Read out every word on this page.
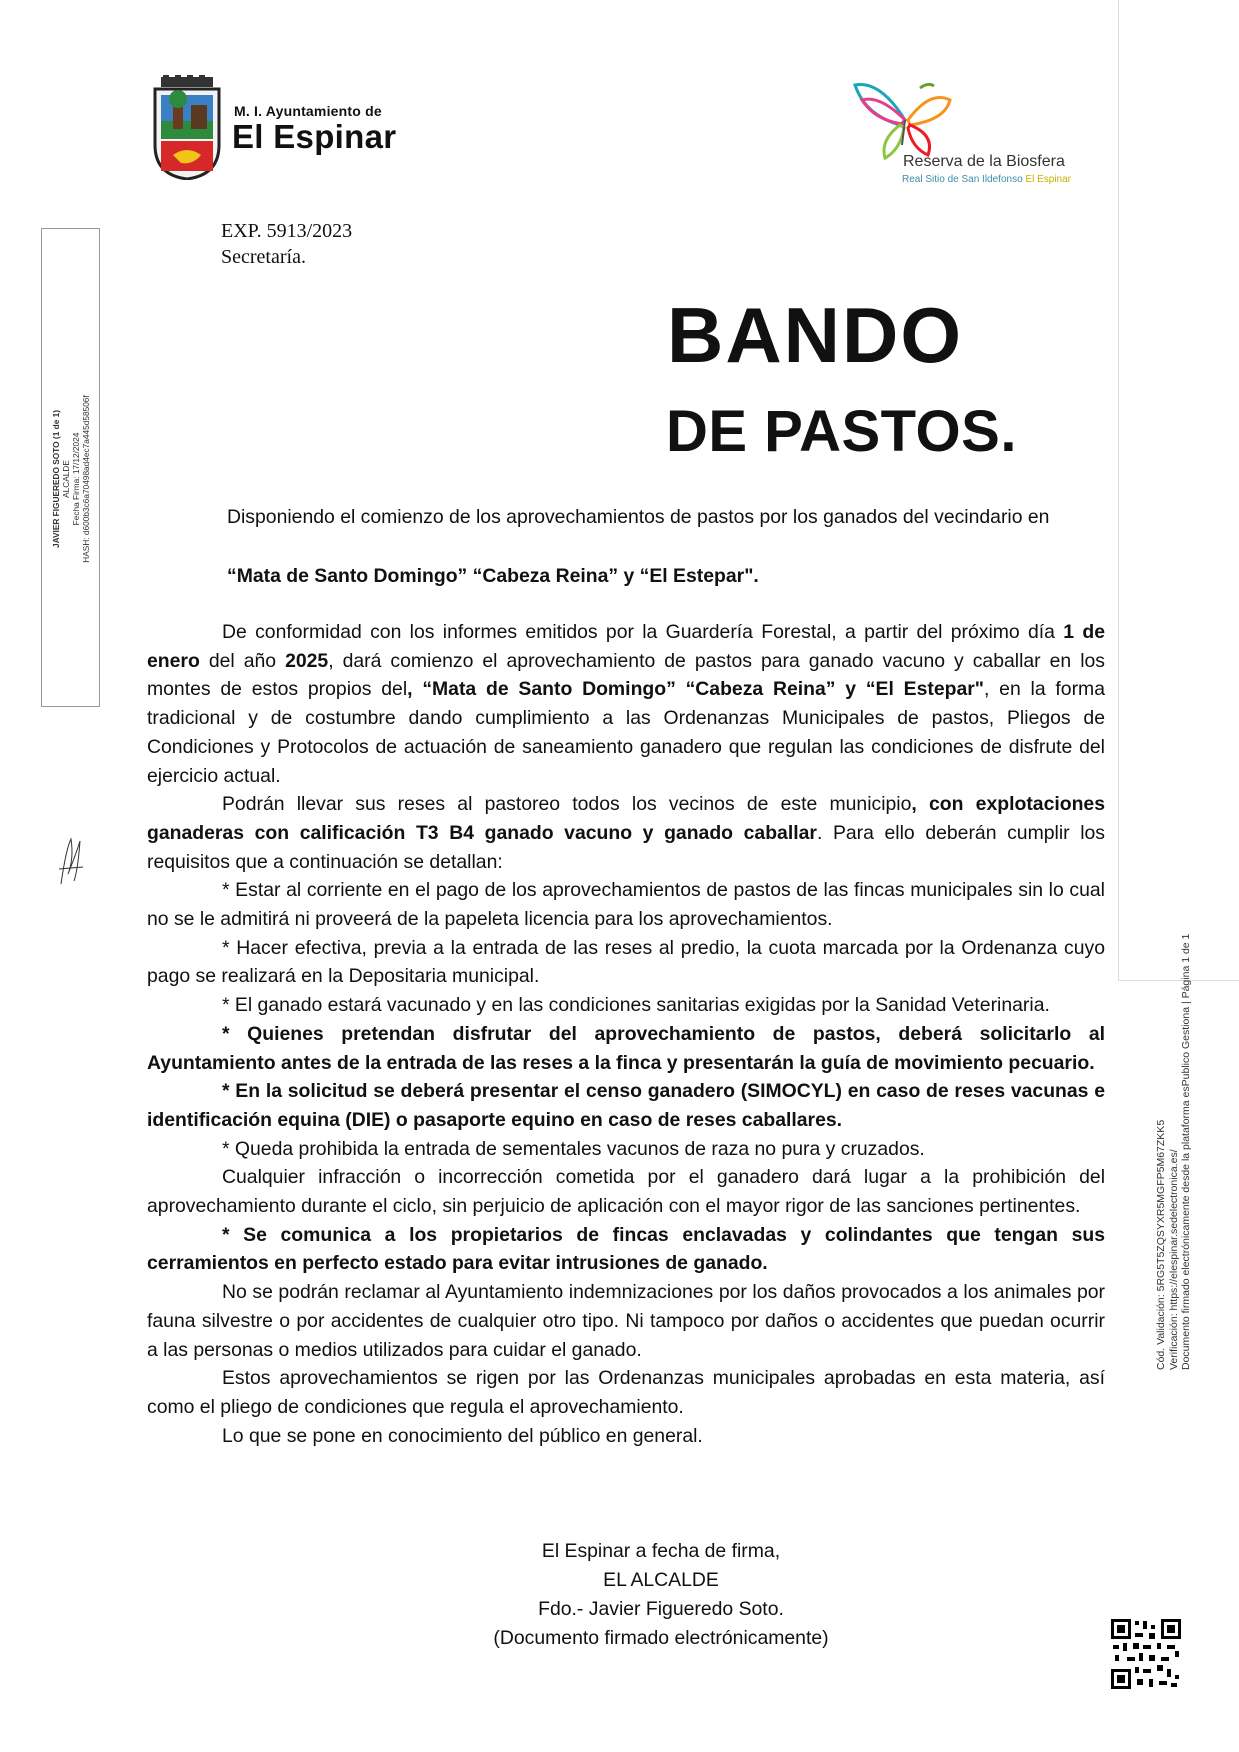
M. I. Ayuntamiento de
El Espinar
Reserva de la Biosfera
Real Sitio de San Ildefonso El Espinar
JAVIER FIGUEREDO SOTO (1 de 1) ALCALDE Fecha Firma: 17/12/2024 HASH: d600b3c6a70498ad4ec7a445d58506f
Cód. Validación: 5RG5T5ZQSYXR5MGFP5M67ZKK5 Verificación: https://elespinar.sedelectronica.es/ Documento firmado electrónicamente desde la plataforma esPublico Gestiona | Página 1 de 1
EXP. 5913/2023
Secretaría.
BANDO
DE PASTOS.
Disponiendo el comienzo de los aprovechamientos de pastos por los ganados del vecindario en
“Mata de Santo Domingo” “Cabeza Reina” y “El Estepar".

De conformidad con los informes emitidos por la Guardería Forestal, a partir del próximo día 1 de enero del año 2025, dará comienzo el aprovechamiento de pastos para ganado vacuno y caballar en los montes de estos propios del, “Mata de Santo Domingo” “Cabeza Reina” y “El Estepar", en la forma tradicional y de costumbre dando cumplimiento a las Ordenanzas Municipales de pastos, Pliegos de Condiciones y Protocolos de actuación de saneamiento ganadero que regulan las condiciones de disfrute del ejercicio actual.

Podrán llevar sus reses al pastoreo todos los vecinos de este municipio, con explotaciones ganaderas con calificación T3 B4 ganado vacuno y ganado caballar. Para ello deberán cumplir los requisitos que a continuación se detallan:

* Estar al corriente en el pago de los aprovechamientos de pastos de las fincas municipales sin lo cual no se le admitirá ni proveerá de la papeleta licencia para los aprovechamientos.

* Hacer efectiva, previa a la entrada de las reses al predio, la cuota marcada por la Ordenanza cuyo pago se realizará en la Depositaria municipal.

* El ganado estará vacunado y en las condiciones sanitarias exigidas por la Sanidad Veterinaria.

* Quienes pretendan disfrutar del aprovechamiento de pastos, deberá solicitarlo al Ayuntamiento antes de la entrada de las reses a la finca y presentarán la guía de movimiento pecuario.

* En la solicitud se deberá presentar el censo ganadero (SIMOCYL) en caso de reses vacunas e identificación equina (DIE) o pasaporte equino en caso de reses caballares.

* Queda prohibida la entrada de sementales vacunos de raza no pura y cruzados.

Cualquier infracción o incorrección cometida por el ganadero dará lugar a la prohibición del aprovechamiento durante el ciclo, sin perjuicio de aplicación con el mayor rigor de las sanciones pertinentes.

* Se comunica a los propietarios de fincas enclavadas y colindantes que tengan sus cerramientos en perfecto estado para evitar intrusiones de ganado.

No se podrán reclamar al Ayuntamiento indemnizaciones por los daños provocados a los animales por fauna silvestre o por accidentes de cualquier otro tipo. Ni tampoco por daños o accidentes que puedan ocurrir a las personas o medios utilizados para cuidar el ganado.

Estos aprovechamientos se rigen por las Ordenanzas municipales aprobadas en esta materia, así como el pliego de condiciones que regula el aprovechamiento.

Lo que se pone en conocimiento del público en general.

El Espinar a fecha de firma,
EL ALCALDE
Fdo.- Javier Figueredo Soto.
(Documento firmado electrónicamente)
